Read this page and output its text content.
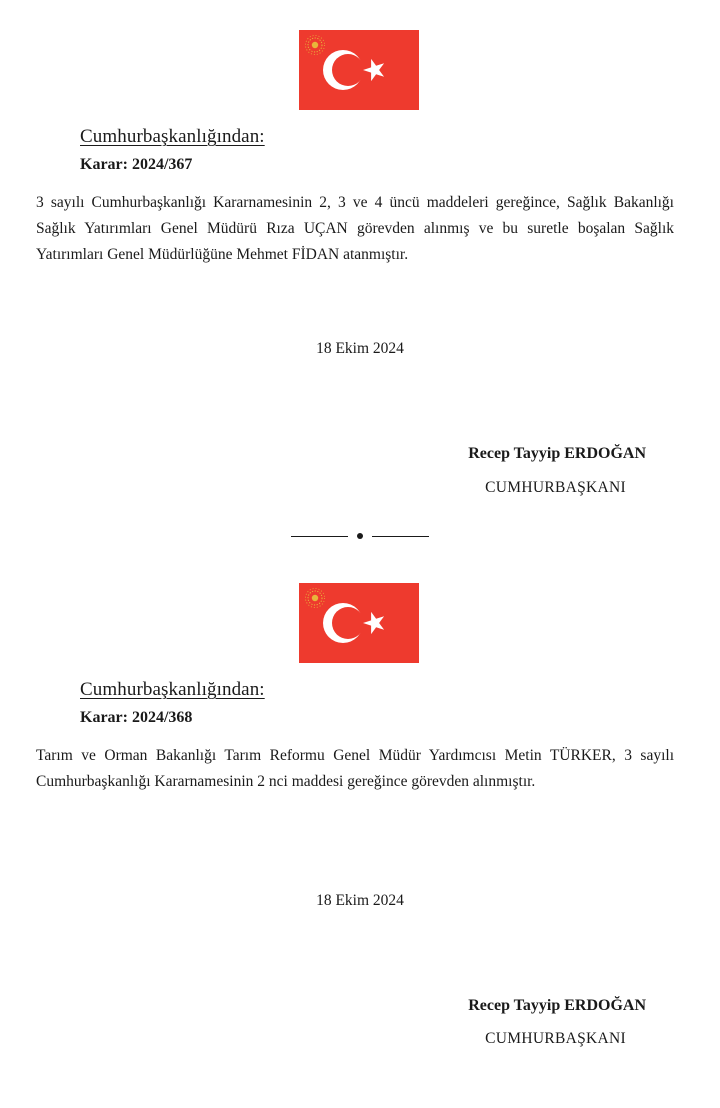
Cumhurbaşkanlığından:
Karar: 2024/367
3 sayılı Cumhurbaşkanlığı Kararnamesinin 2, 3 ve 4 üncü maddeleri gereğince, Sağlık Bakanlığı Sağlık Yatırımları Genel Müdürü Rıza UÇAN görevden alınmış ve bu suretle boşalan Sağlık Yatırımları Genel Müdürlüğüne Mehmet FİDAN atanmıştır.
18 Ekim 2024
Recep Tayyip ERDOĞAN
CUMHURBAŞKANI
Cumhurbaşkanlığından:
Karar: 2024/368
Tarım ve Orman Bakanlığı Tarım Reformu Genel Müdür Yardımcısı Metin TÜRKER, 3 sayılı Cumhurbaşkanlığı Kararnamesinin 2 nci maddesi gereğince görevden alınmıştır.
18 Ekim 2024
Recep Tayyip ERDOĞAN
CUMHURBAŞKANI
